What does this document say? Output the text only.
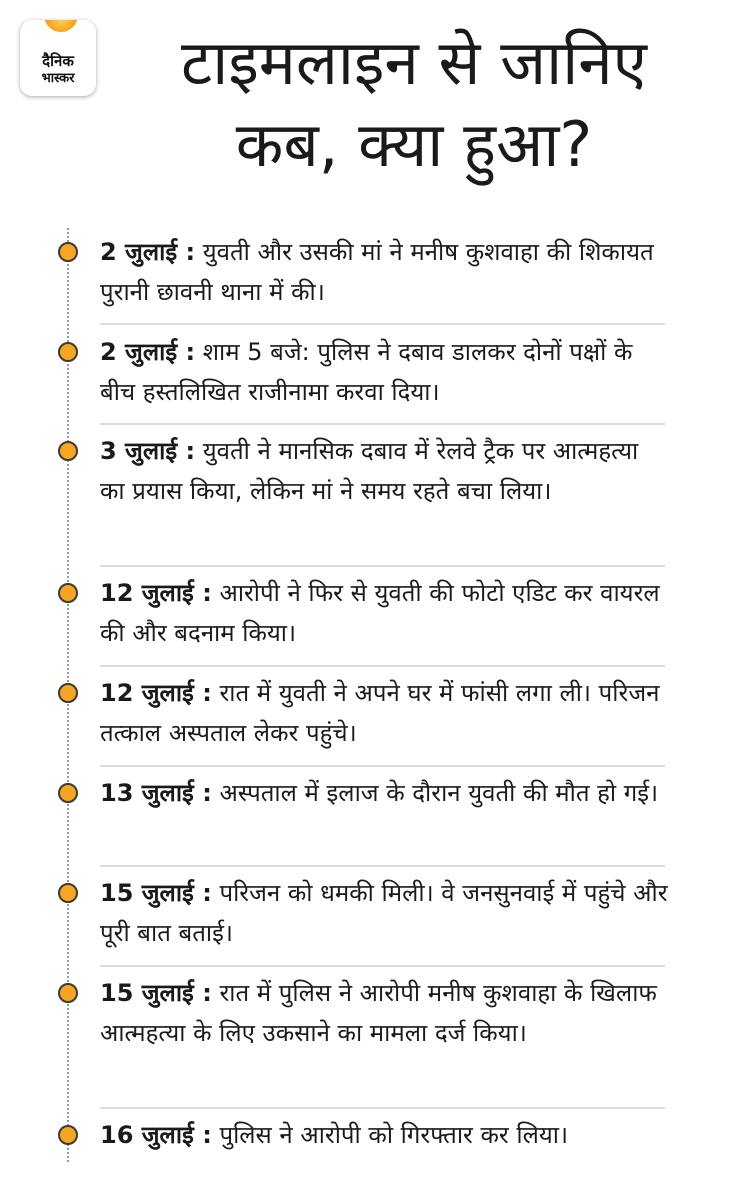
दैनिक
भास्कर	टाइमलाइन से जानिए
कब, क्या हुआ?
2 जुलाई : युवती और उसकी मां ने मनीष कुशवाहा की शिकायत पुरानी छावनी थाना में की।
2 जुलाई : शाम 5 बजे: पुलिस ने दबाव डालकर दोनों पक्षों के बीच हस्तलिखित राजीनामा करवा दिया।
3 जुलाई : युवती ने मानसिक दबाव में रेलवे ट्रैक पर आत्महत्या का प्रयास किया, लेकिन मां ने समय रहते बचा लिया।
12 जुलाई : आरोपी ने फिर से युवती की फोटो एडिट कर वायरल की और बदनाम किया।
12 जुलाई : रात में युवती ने अपने घर में फांसी लगा ली। परिजन तत्काल अस्पताल लेकर पहुंचे।
13 जुलाई : अस्पताल में इलाज के दौरान युवती की मौत हो गई।
15 जुलाई : परिजन को धमकी मिली। वे जनसुनवाई में पहुंचे और पूरी बात बताई।
15 जुलाई : रात में पुलिस ने आरोपी मनीष कुशवाहा के खिलाफ आत्महत्या के लिए उकसाने का मामला दर्ज किया।
16 जुलाई : पुलिस ने आरोपी को गिरफ्तार कर लिया।
